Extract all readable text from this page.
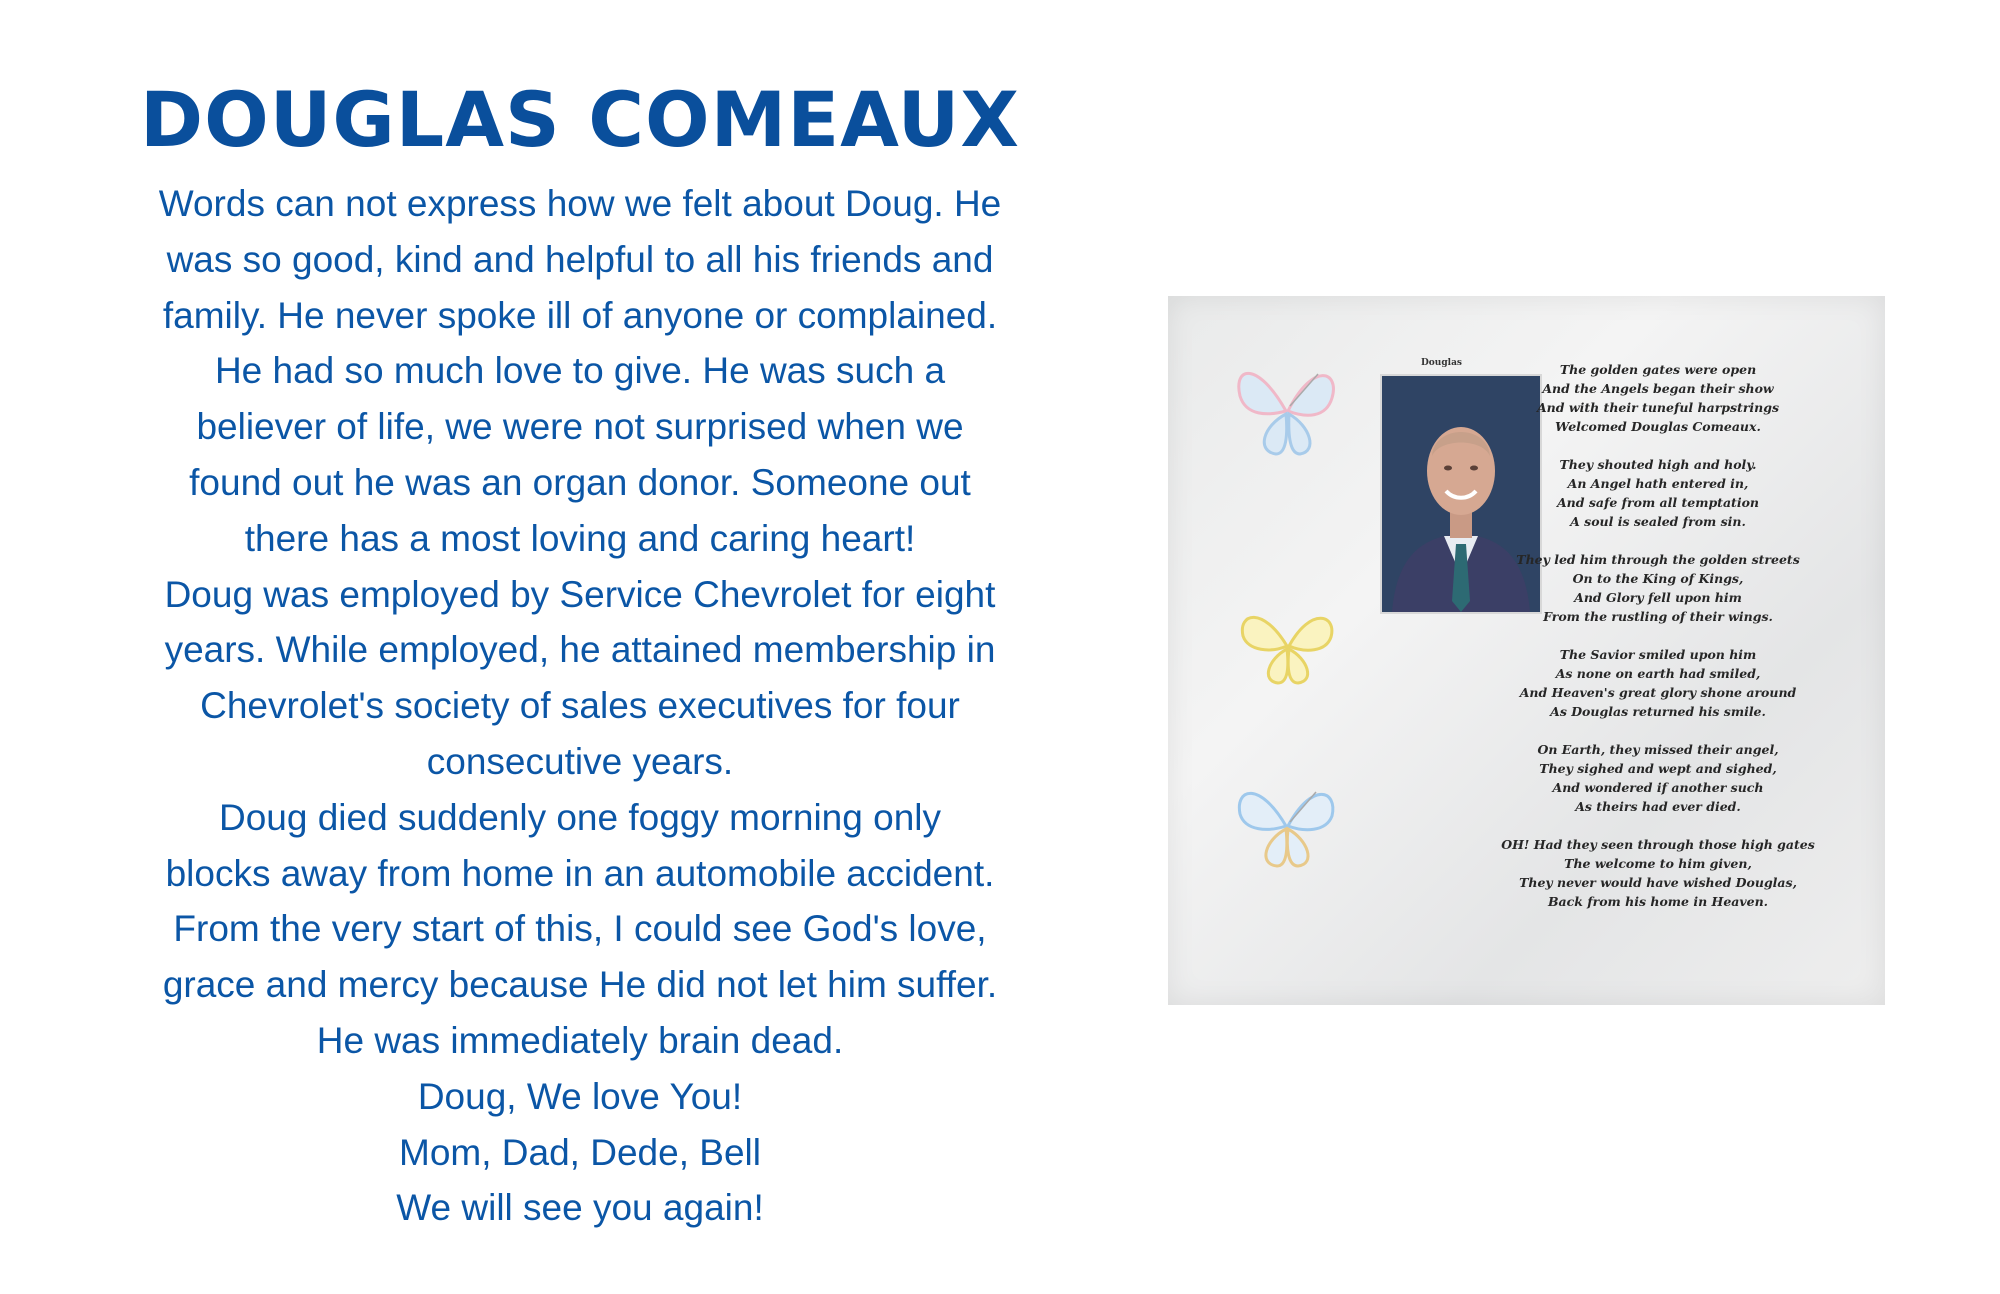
DOUGLAS COMEAUX
Words can not express how we felt about Doug. He
was so good, kind and helpful to all his friends and
family. He never spoke ill of anyone or complained.
He had so much love to give. He was such a
believer of life, we were not surprised when we
found out he was an organ donor. Someone out
there has a most loving and caring heart!
Doug was employed by Service Chevrolet for eight
years. While employed, he attained membership in
Chevrolet's society of sales executives for four
consecutive years.
Doug died suddenly one foggy morning only
blocks away from home in an automobile accident.
From the very start of this, I could see God's love,
grace and mercy because He did not let him suffer.
He was immediately brain dead.
Doug, We love You!
Mom, Dad, Dede, Bell
We will see you again!
Douglas	The golden gates were open
And the Angels began their show
And with their tuneful harpstrings
Welcomed Douglas Comeaux.
They shouted high and holy.
An Angel hath entered in,
And safe from all temptation
A soul is sealed from sin.
They led him through the golden streets
On to the King of Kings,
And Glory fell upon him
From the rustling of their wings.
The Savior smiled upon him
As none on earth had smiled,
And Heaven's great glory shone around
As Douglas returned his smile.
On Earth, they missed their angel,
They sighed and wept and sighed,
And wondered if another such
As theirs had ever died.
OH! Had they seen through those high gates
The welcome to him given,
They never would have wished Douglas,
Back from his home in Heaven.
